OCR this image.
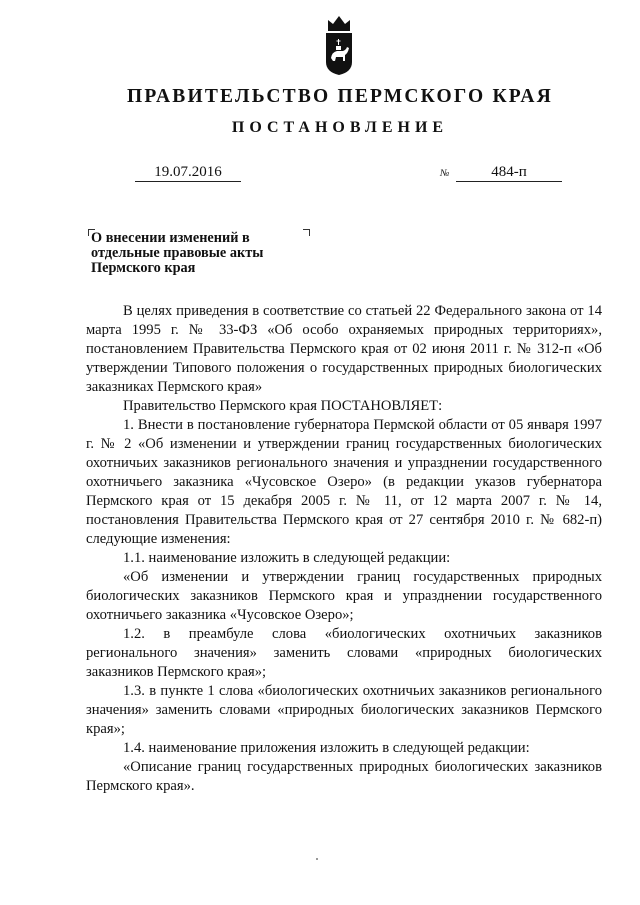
ПРАВИТЕЛЬСТВО ПЕРМСКОГО КРАЯ
ПОСТАНОВЛЕНИЕ
19.07.2016	№	484-п
О внесении изменений в отдельные правовые акты Пермского края

В целях приведения в соответствие со статьей 22 Федерального закона от 14 марта 1995 г. № 33-ФЗ «Об особо охраняемых природных территориях», постановлением Правительства Пермского края от 02 июня 2011 г. № 312-п «Об утверждении Типового положения о государственных природных биологических заказниках Пермского края»

Правительство Пермского края ПОСТАНОВЛЯЕТ:

1. Внести в постановление губернатора Пермской области от 05 января 1997 г. № 2 «Об изменении и утверждении границ государственных биологических охотничьих заказников регионального значения и упразднении государственного охотничьего заказника «Чусовское Озеро» (в редакции указов губернатора Пермского края от 15 декабря 2005 г. № 11, от 12 марта 2007 г. № 14, постановления Правительства Пермского края от 27 сентября 2010 г. № 682-п) следующие изменения:

1.1. наименование изложить в следующей редакции:

«Об изменении и утверждении границ государственных природных биологических заказников Пермского края и упразднении государственного охотничьего заказника «Чусовское Озеро»;

1.2. в преамбуле слова «биологических охотничьих заказников регионального значения» заменить словами «природных биологических заказников Пермского края»;

1.3. в пункте 1 слова «биологических охотничьих заказников регионального значения» заменить словами «природных биологических заказников Пермского края»;

1.4. наименование приложения изложить в следующей редакции:

«Описание границ государственных природных биологических заказников Пермского края».
